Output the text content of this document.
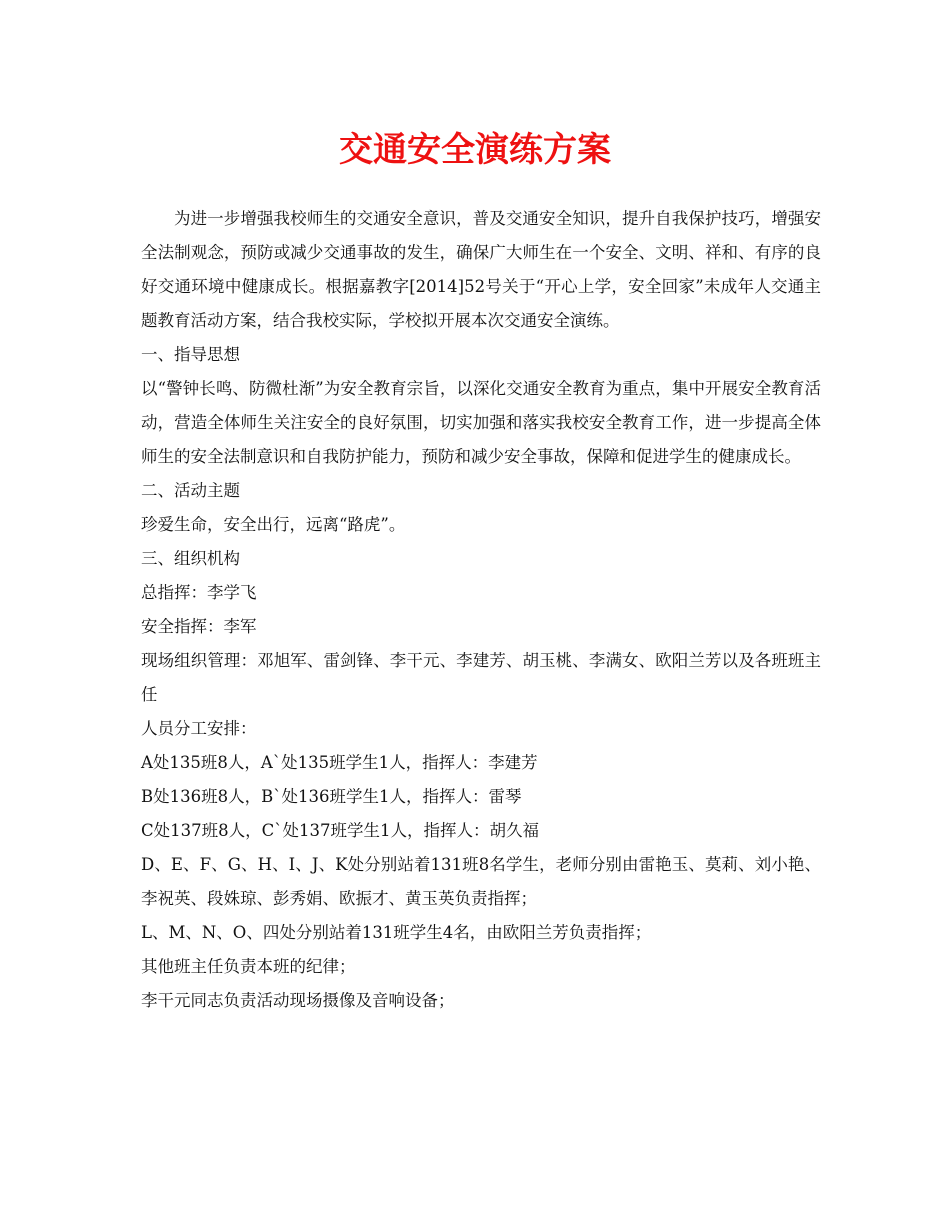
交通安全演练方案

为进一步增强我校师生的交通安全意识，普及交通安全知识，提升自我保护技巧，增强安全法制观念，预防或减少交通事故的发生，确保广大师生在一个安全、文明、祥和、有序的良好交通环境中健康成长。根据嘉教字[2014]52号关于“开心上学，安全回家”未成年人交通主题教育活动方案，结合我校实际，学校拟开展本次交通安全演练。

一、指导思想

以“警钟长鸣、防微杜渐”为安全教育宗旨，以深化交通安全教育为重点，集中开展安全教育活动，营造全体师生关注安全的良好氛围，切实加强和落实我校安全教育工作，进一步提高全体师生的安全法制意识和自我防护能力，预防和减少安全事故，保障和促进学生的健康成长。

二、活动主题

珍爱生命，安全出行，远离“路虎”。

三、组织机构

总指挥：李学飞

安全指挥：李军

现场组织管理：邓旭军、雷剑锋、李干元、李建芳、胡玉桃、李满女、欧阳兰芳以及各班班主任

人员分工安排：

A处135班8人，A`处135班学生1人，指挥人：李建芳

B处136班8人，B`处136班学生1人，指挥人：雷琴

C处137班8人，C`处137班学生1人，指挥人：胡久福

D、E、F、G、H、I、J、K处分别站着131班8名学生，老师分别由雷艳玉、莫莉、刘小艳、李祝英、段姝琼、彭秀娟、欧振才、黄玉英负责指挥；

L、M、N、O、四处分别站着131班学生4名，由欧阳兰芳负责指挥；

其他班主任负责本班的纪律；

李干元同志负责活动现场摄像及音响设备；
